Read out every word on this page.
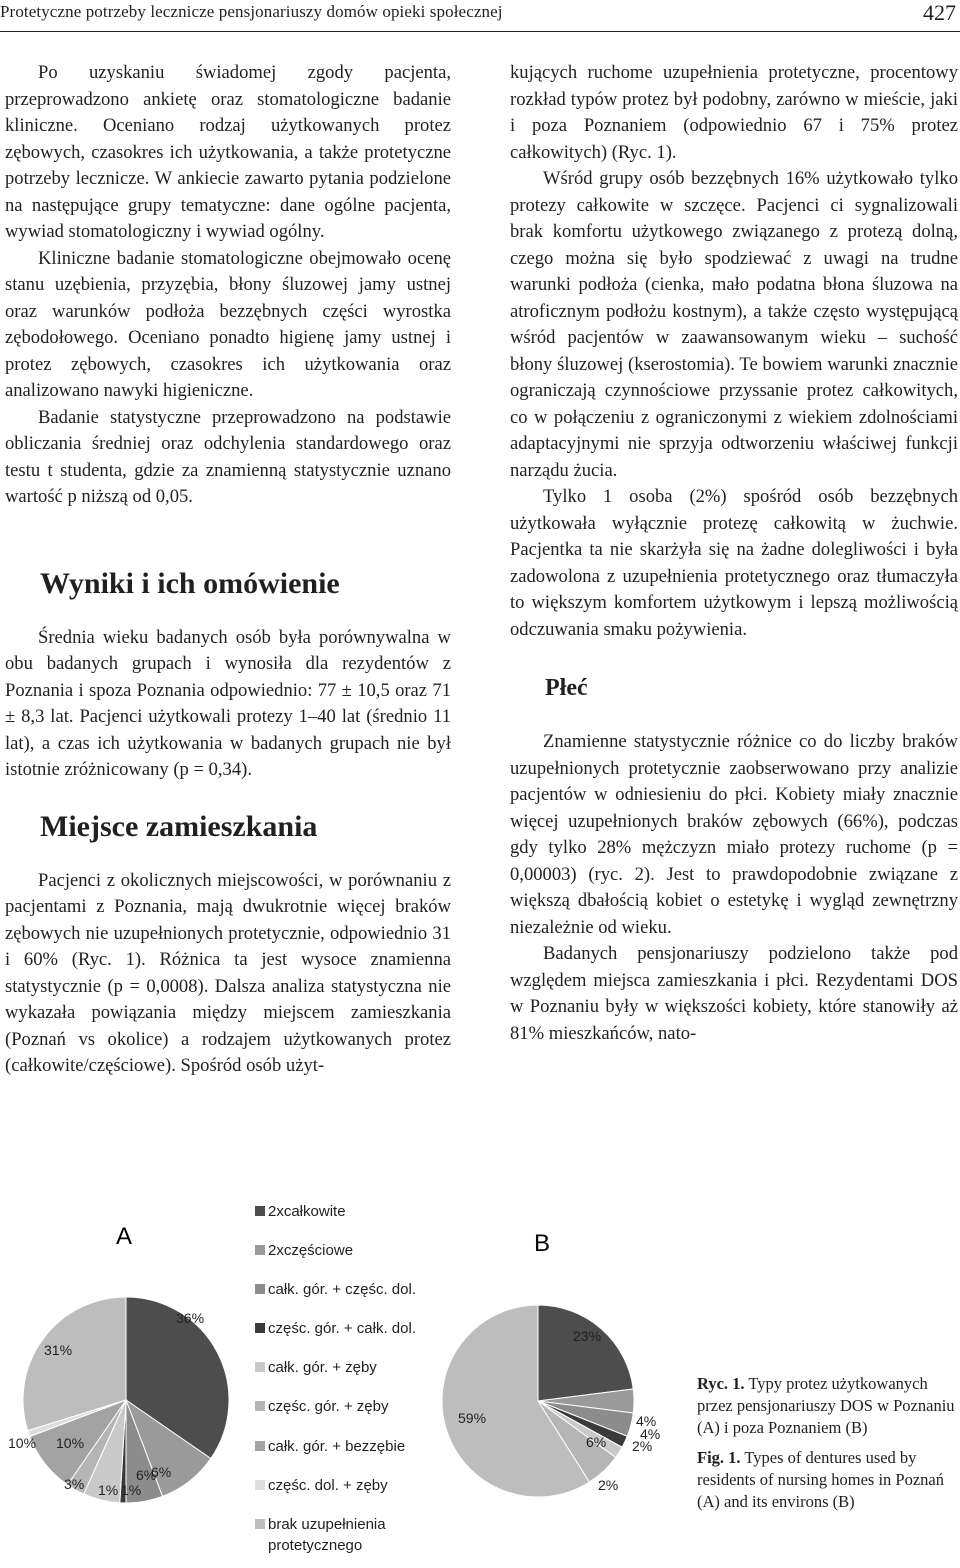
Protetyczne potrzeby lecznicze pensjonariuszy domów opieki społecznej	427

Po uzyskaniu świadomej zgody pacjenta, przeprowadzono ankietę oraz stomatologiczne badanie kliniczne. Oceniano rodzaj użytkowanych protez zębowych, czasokres ich użytkowania, a także protetyczne potrzeby lecznicze. W ankiecie zawarto pytania podzielone na następujące grupy tematyczne: dane ogólne pacjenta, wywiad stomatologiczny i wywiad ogólny.

Kliniczne badanie stomatologiczne obejmowało ocenę stanu uzębienia, przyzębia, błony śluzowej jamy ustnej oraz warunków podłoża bezzębnych części wyrostka zębodołowego. Oceniano ponadto higienę jamy ustnej i protez zębowych, czasokres ich użytkowania oraz analizowano nawyki higieniczne.

Badanie statystyczne przeprowadzono na podstawie obliczania średniej oraz odchylenia standardowego oraz testu t studenta, gdzie za znamienną statystycznie uznano wartość p niższą od 0,05.

Wyniki i ich omówienie

Średnia wieku badanych osób była porównywalna w obu badanych grupach i wynosiła dla rezydentów z Poznania i spoza Poznania odpowiednio: 77 ± 10,5 oraz 71 ± 8,3 lat. Pacjenci użytkowali protezy 1–40 lat (średnio 11 lat), a czas ich użytkowania w badanych grupach nie był istotnie zróżnicowany (p = 0,34).

Miejsce zamieszkania

Pacjenci z okolicznych miejscowości, w porównaniu z pacjentami z Poznania, mają dwukrotnie więcej braków zębowych nie uzupełnionych protetycznie, odpowiednio 31 i 60% (Ryc. 1). Różnica ta jest wysoce znamienna statystycznie (p = 0,0008). Dalsza analiza statystyczna nie wykazała powiązania między miejscem zamieszkania (Poznań vs okolice) a rodzajem użytkowanych protez (całkowite/częściowe). Spośród osób użyt-

kujących ruchome uzupełnienia protetyczne, procentowy rozkład typów protez był podobny, zarówno w mieście, jaki i poza Poznaniem (odpowiednio 67 i 75% protez całkowitych) (Ryc. 1).

Wśród grupy osób bezzębnych 16% użytkowało tylko protezy całkowite w szczęce. Pacjenci ci sygnalizowali brak komfortu użytkowego związanego z protezą dolną, czego można się było spodziewać z uwagi na trudne warunki podłoża (cienka, mało podatna błona śluzowa na atroficznym podłożu kostnym), a także często występującą wśród pacjentów w zaawansowanym wieku – suchość błony śluzowej (kserostomia). Te bowiem warunki znacznie ograniczają czynnościowe przyssanie protez całkowitych, co w połączeniu z ograniczonymi z wiekiem zdolnościami adaptacyjnymi nie sprzyja odtworzeniu właściwej funkcji narządu żucia.

Tylko 1 osoba (2%) spośród osób bezzębnych użytkowała wyłącznie protezę całkowitą w żuchwie. Pacjentka ta nie skarżyła się na żadne dolegliwości i była zadowolona z uzupełnienia protetycznego oraz tłumaczyła to większym komfortem użytkowym i lepszą możliwością odczuwania smaku pożywienia.

Płeć

Znamienne statystycznie różnice co do liczby braków uzupełnionych protetycznie zaobserwowano przy analizie pacjentów w odniesieniu do płci. Kobiety miały znacznie więcej uzupełnionych braków zębowych (66%), podczas gdy tylko 28% mężczyzn miało protezy ruchome (p = 0,00003) (ryc. 2). Jest to prawdopodobnie związane z większą dbałością kobiet o estetykę i wygląd zewnętrzny niezależnie od wieku.

Badanych pensjonariuszy podzielono także pod względem miejsca zamieszkania i płci. Rezydentami DOS w Poznaniu były w większości kobiety, które stanowiły aż 81% mieszkańców, nato-

36%
10%
6%
1%
6%
3%
10%
1%
31%
23%
4%
4%
2%
2%
6%
59%
A	B
2xcałkowite
2xczęściowe
całk. gór. + częśc. dol.
częśc. gór. + całk. dol.
całk. gór. + zęby
częśc. gór. + zęby
całk. gór. + bezzębie
częśc. dol. + zęby
brak uzupełnienia
protetycznego

Ryc. 1. Typy protez użytkowanych przez pensjonariuszy DOS w Poznaniu (A) i poza Poznaniem (B)

Fig. 1. Types of dentures used by residents of nursing homes in Poznań (A) and its environs (B)
